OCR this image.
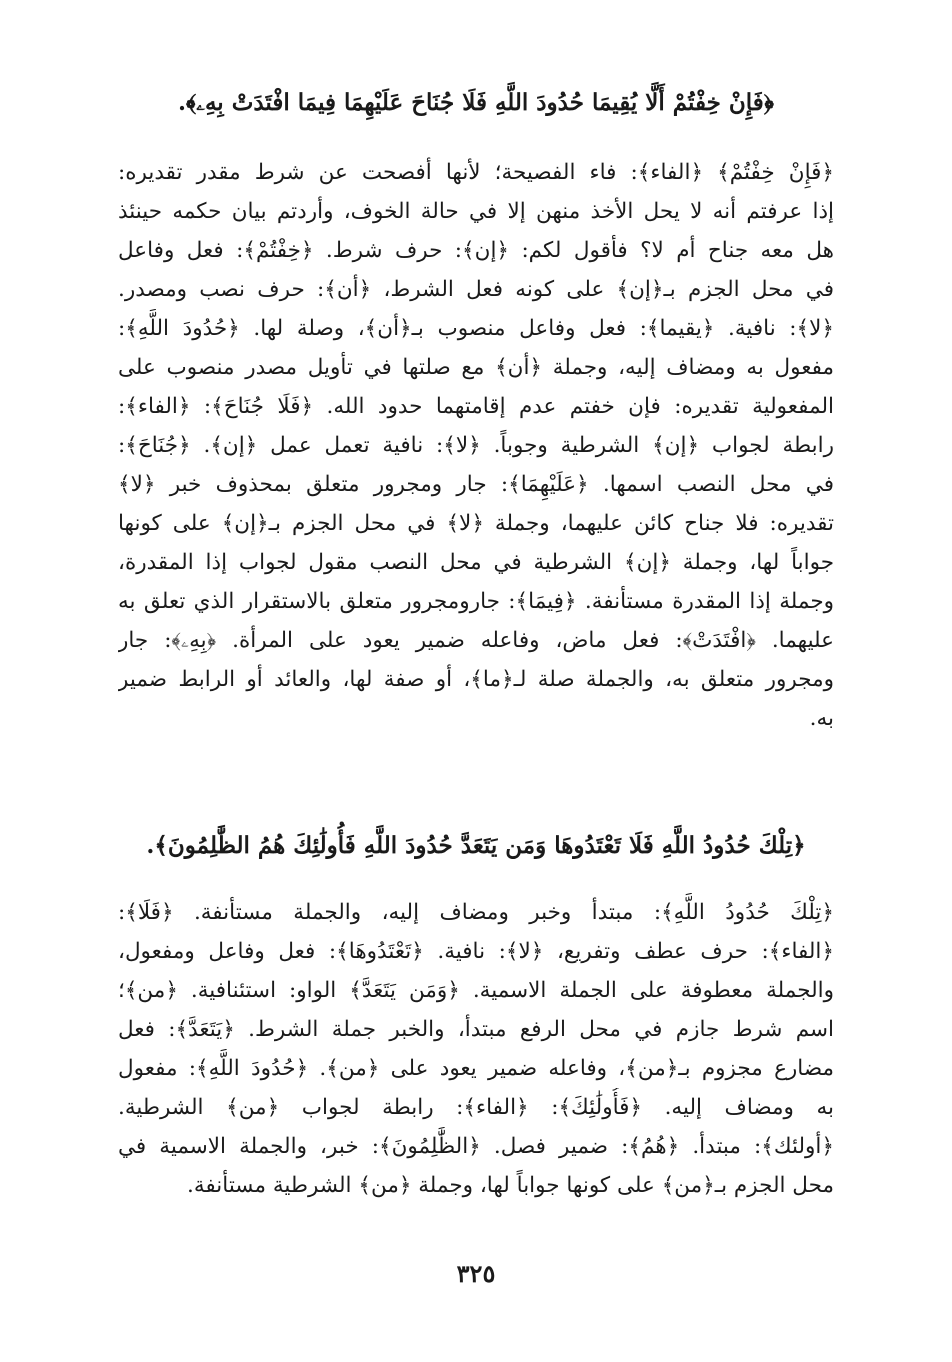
﴿فَإِنْ خِفْتُمْ أَلَّا يُقِيمَا حُدُودَ اللَّهِ فَلَا جُنَاحَ عَلَيْهِمَا فِيمَا افْتَدَتْ بِهِۦ﴾.
﴿فَإِنْ خِفْتُمْ﴾ ﴿الفاء﴾: فاء الفصيحة؛ لأنها أفصحت عن شرط مقدر تقديره:
إذا عرفتم أنه لا يحل الأخذ منهن إلا في حالة الخوف، وأردتم بيان حكمه حينئذ
هل معه جناح أم لا؟ فأقول لكم: ﴿إن﴾: حرف شرط. ﴿خِفْتُمْ﴾: فعل وفاعل
في محل الجزم بـ﴿إن﴾ على كونه فعل الشرط، ﴿أن﴾: حرف نصب ومصدر.
﴿لا﴾: نافية. ﴿يقيما﴾: فعل وفاعل منصوب بـ﴿أن﴾، وصلة لها. ﴿حُدُودَ اللَّهِ﴾:
مفعول به ومضاف إليه، وجملة ﴿أن﴾ مع صلتها في تأويل مصدر منصوب على
المفعولية تقديره: فإن خفتم عدم إقامتهما حدود الله. ﴿فَلَا جُنَاحَ﴾: ﴿الفاء﴾:
رابطة لجواب ﴿إن﴾ الشرطية وجوباً. ﴿لا﴾: نافية تعمل عمل ﴿إن﴾. ﴿جُنَاحَ﴾:
في محل النصب اسمها. ﴿عَلَيْهِمَا﴾: جار ومجرور متعلق بمحذوف خبر ﴿لا﴾
تقديره: فلا جناح كائن عليهما، وجملة ﴿لا﴾ في محل الجزم بـ﴿إن﴾ على كونها
جواباً لها، وجملة ﴿إن﴾ الشرطية في محل النصب مقول لجواب إذا المقدرة،
وجملة إذا المقدرة مستأنفة. ﴿فِيمَا﴾: جارومجرور متعلق بالاستقرار الذي تعلق به
عليهما. ﴿افْتَدَتْ﴾: فعل ماض، وفاعله ضمير يعود على المرأة. ﴿بِهِۦ﴾: جار
ومجرور متعلق به، والجملة صلة لـ﴿ما﴾، أو صفة لها، والعائد أو الرابط ضمير
به.
﴿تِلْكَ حُدُودُ اللَّهِ فَلَا تَعْتَدُوهَا وَمَن يَتَعَدَّ حُدُودَ اللَّهِ فَأُولَٰئِكَ هُمُ الظَّٰلِمُونَ﴾.
﴿تِلْكَ حُدُودُ اللَّهِ﴾: مبتدأ وخبر ومضاف إليه، والجملة مستأنفة. ﴿فَلَا﴾:
﴿الفاء﴾: حرف عطف وتفريع، ﴿لا﴾: نافية. ﴿تَعْتَدُوهَا﴾: فعل وفاعل ومفعول،
والجملة معطوفة على الجملة الاسمية. ﴿وَمَن يَتَعَدَّ﴾ الواو: استئنافية. ﴿من﴾؛
اسم شرط جازم في محل الرفع مبتدأ، والخبر جملة الشرط. ﴿يَتَعَدَّ﴾: فعل
مضارع مجزوم بـ﴿من﴾، وفاعله ضمير يعود على ﴿من﴾. ﴿حُدُودَ اللَّهِ﴾: مفعول
به ومضاف إليه. ﴿فَأُولَٰئِكَ﴾: ﴿الفاء﴾: رابطة لجواب ﴿من﴾ الشرطية.
﴿أولئك﴾: مبتدأ. ﴿هُمُ﴾: ضمير فصل. ﴿الظَّٰلِمُونَ﴾: خبر، والجملة الاسمية في
محل الجزم بـ﴿من﴾ على كونها جواباً لها، وجملة ﴿من﴾ الشرطية مستأنفة.
٣٢٥
